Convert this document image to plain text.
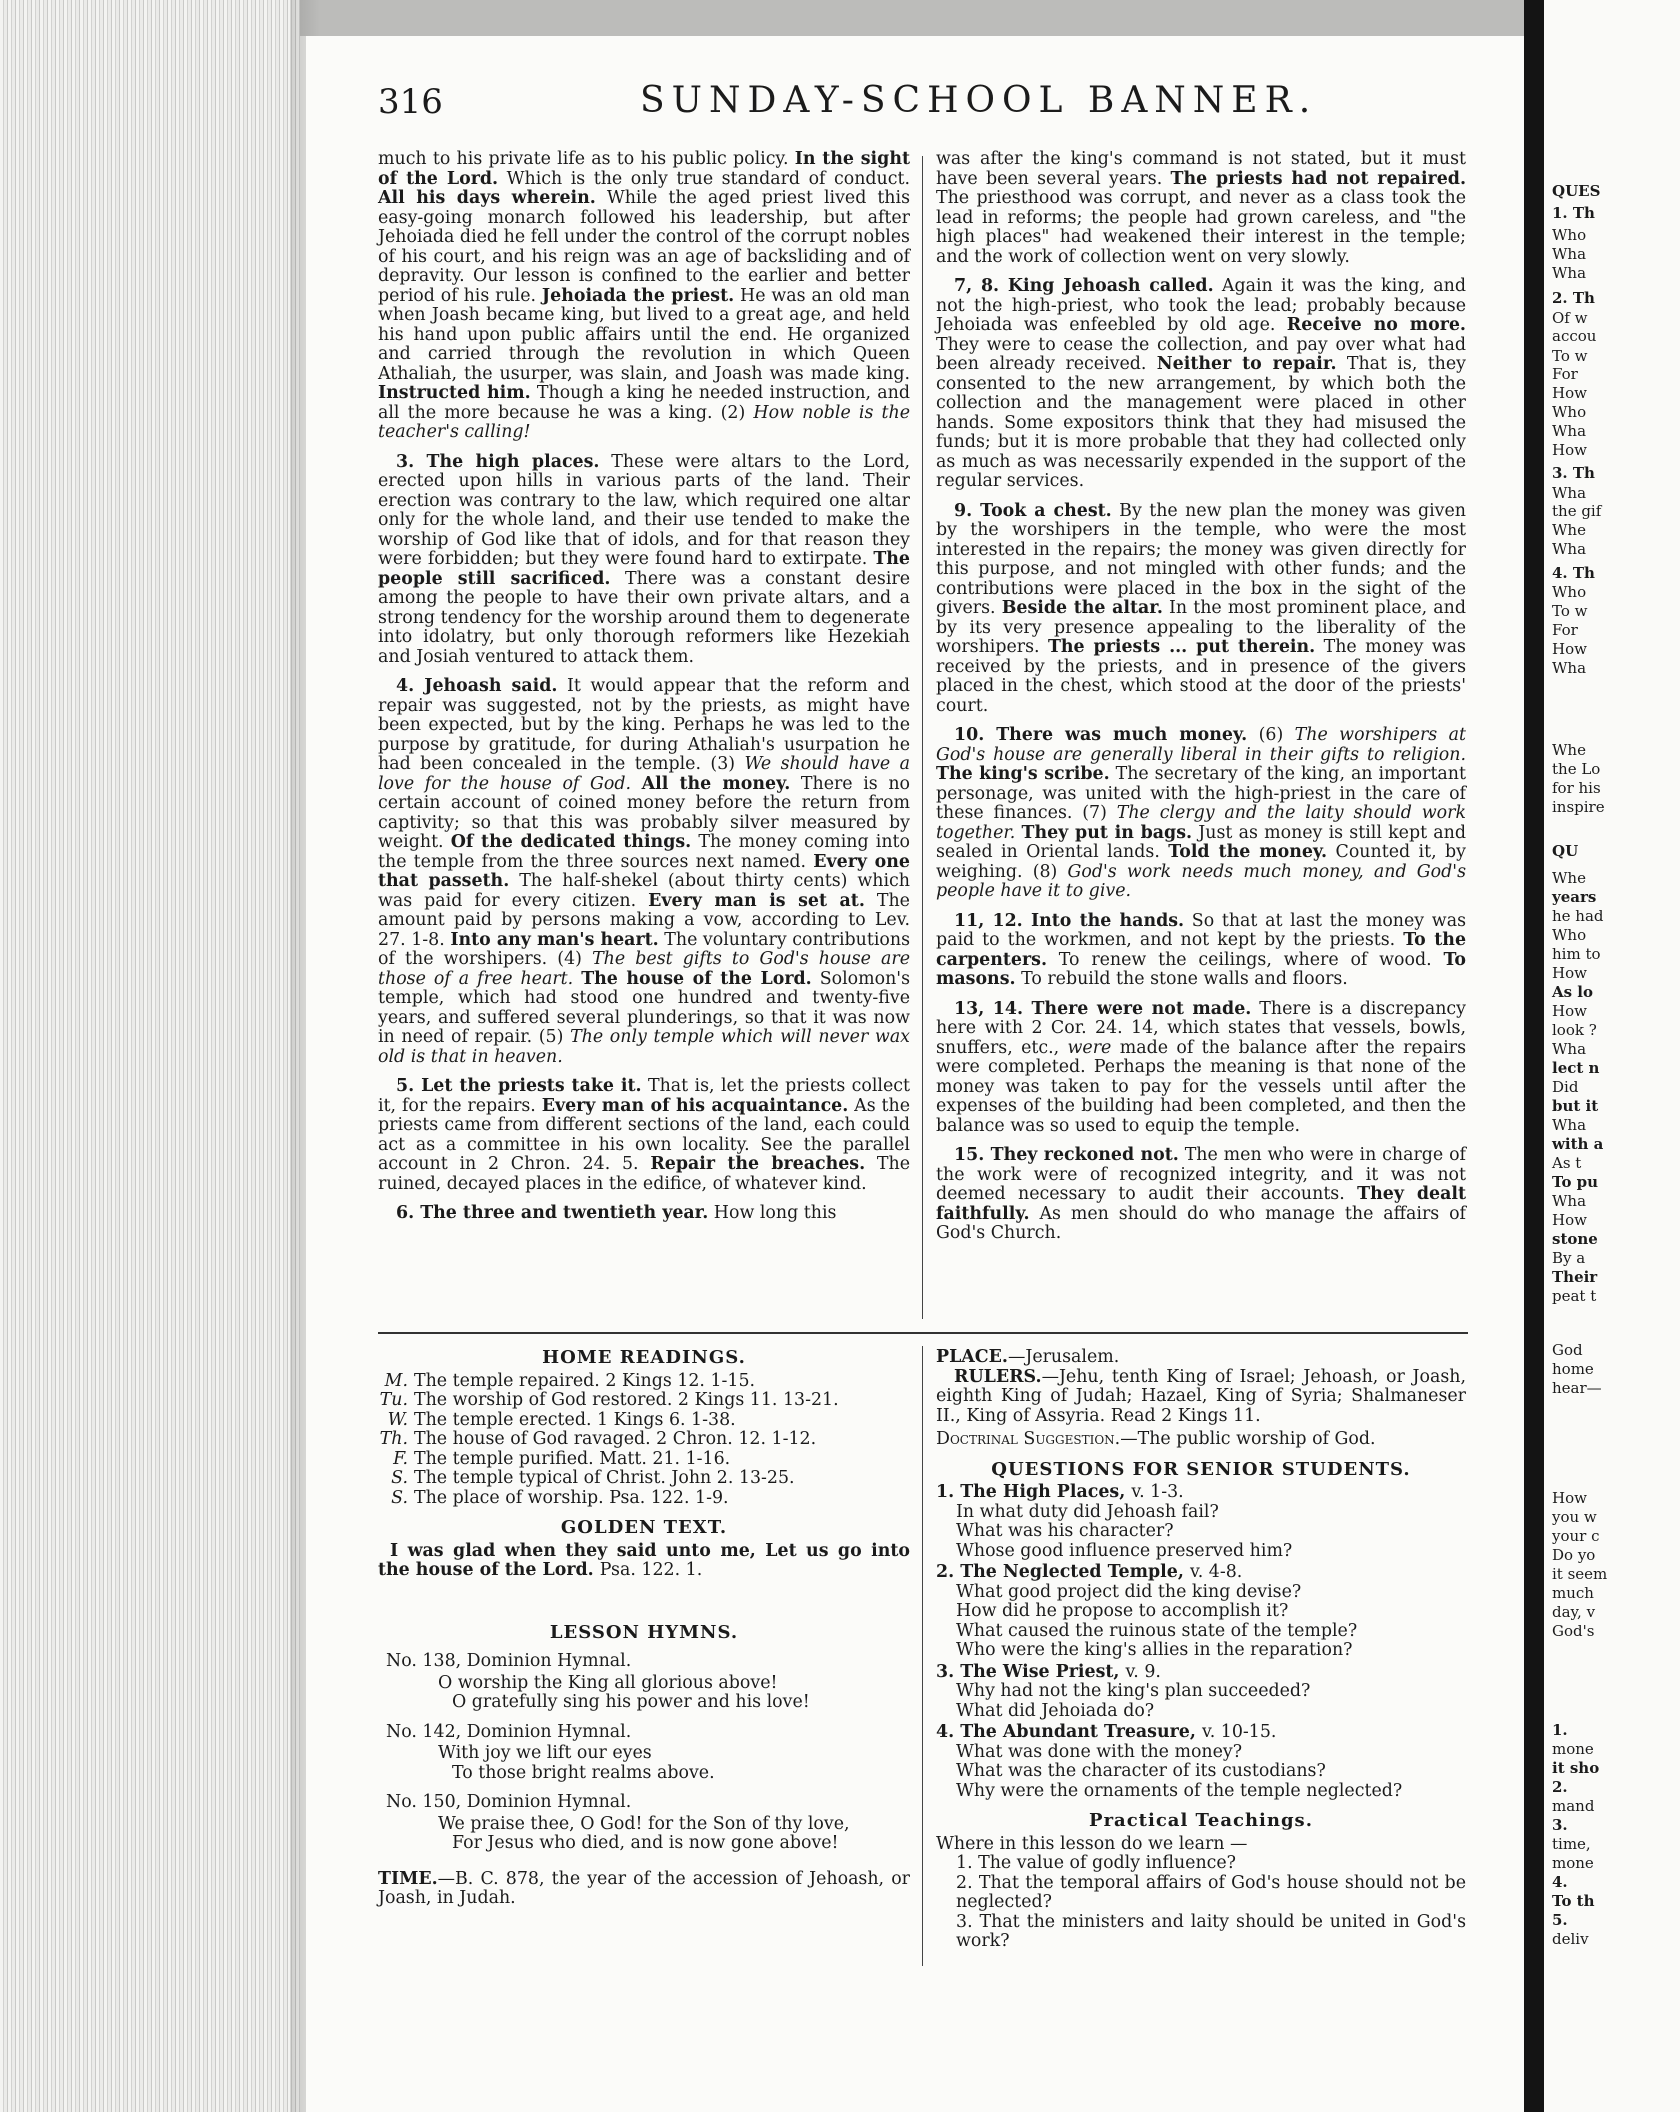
QUES
1. Th
Who
Wha
Wha
2. Th
Of w
accou
To w
For
How
Who
Wha
How
3. Th
Wha
the gif
Whe
Wha
4. Th
Who
To w
For
How
Wha
Whe
the Lo
for his
inspire
QU
Whe
years
he had
Who
him to
How
As lo
How
look ?
Wha
lect n
Did
but it
Wha
with a
As t
To pu
Wha
How
stone
By a
Their
peat t
God
home
hear—
How
you w
your c
Do yo
it seem
much
day, v
God's
1.
mone
it sho
2.
mand
3.
time,
mone
4.
To th
5.
deliv
316	SUNDAY-SCHOOL BANNER.

much to his private life as to his public policy. In the sight of the Lord. Which is the only true standard of conduct. All his days wherein. While the aged priest lived this easy-going monarch followed his leadership, but after Jehoiada died he fell under the control of the corrupt nobles of his court, and his reign was an age of backsliding and of depravity. Our lesson is confined to the earlier and better period of his rule. Jehoiada the priest. He was an old man when Joash became king, but lived to a great age, and held his hand upon public affairs until the end. He organized and carried through the revolution in which Queen Athaliah, the usurper, was slain, and Joash was made king. Instructed him. Though a king he needed instruction, and all the more because he was a king. (2) How noble is the teacher's calling!

3. The high places. These were altars to the Lord, erected upon hills in various parts of the land. Their erection was contrary to the law, which required one altar only for the whole land, and their use tended to make the worship of God like that of idols, and for that reason they were forbidden; but they were found hard to extirpate. The people still sacrificed. There was a constant desire among the people to have their own private altars, and a strong tendency for the worship around them to degenerate into idolatry, but only thorough reformers like Hezekiah and Josiah ventured to attack them.

4. Jehoash said. It would appear that the reform and repair was suggested, not by the priests, as might have been expected, but by the king. Perhaps he was led to the purpose by gratitude, for during Athaliah's usurpation he had been concealed in the temple. (3) We should have a love for the house of God. All the money. There is no certain account of coined money before the return from captivity; so that this was probably silver measured by weight. Of the dedicated things. The money coming into the temple from the three sources next named. Every one that passeth. The half-shekel (about thirty cents) which was paid for every citizen. Every man is set at. The amount paid by persons making a vow, according to Lev. 27. 1-8. Into any man's heart. The voluntary contributions of the worshipers. (4) The best gifts to God's house are those of a free heart. The house of the Lord. Solomon's temple, which had stood one hundred and twenty-five years, and suffered several plunderings, so that it was now in need of repair. (5) The only temple which will never wax old is that in heaven.

5. Let the priests take it. That is, let the priests collect it, for the repairs. Every man of his acquaintance. As the priests came from different sections of the land, each could act as a committee in his own locality. See the parallel account in 2 Chron. 24. 5. Repair the breaches. The ruined, decayed places in the edifice, of whatever kind.

6. The three and twentieth year. How long this

was after the king's command is not stated, but it must have been several years. The priests had not repaired. The priesthood was corrupt, and never as a class took the lead in reforms; the people had grown careless, and "the high places" had weakened their interest in the temple; and the work of collection went on very slowly.

7, 8. King Jehoash called. Again it was the king, and not the high-priest, who took the lead; probably because Jehoiada was enfeebled by old age. Receive no more. They were to cease the collection, and pay over what had been already received. Neither to repair. That is, they consented to the new arrangement, by which both the collection and the management were placed in other hands. Some expositors think that they had misused the funds; but it is more probable that they had collected only as much as was necessarily expended in the support of the regular services.

9. Took a chest. By the new plan the money was given by the worshipers in the temple, who were the most interested in the repairs; the money was given directly for this purpose, and not mingled with other funds; and the contributions were placed in the box in the sight of the givers. Beside the altar. In the most prominent place, and by its very presence appealing to the liberality of the worshipers. The priests ... put therein. The money was received by the priests, and in presence of the givers placed in the chest, which stood at the door of the priests' court.

10. There was much money. (6) The worshipers at God's house are generally liberal in their gifts to religion. The king's scribe. The secretary of the king, an important personage, was united with the high-priest in the care of these finances. (7) The clergy and the laity should work together. They put in bags. Just as money is still kept and sealed in Oriental lands. Told the money. Counted it, by weighing. (8) God's work needs much money, and God's people have it to give.

11, 12. Into the hands. So that at last the money was paid to the workmen, and not kept by the priests. To the carpenters. To renew the ceilings, where of wood. To masons. To rebuild the stone walls and floors.

13, 14. There were not made. There is a discrepancy here with 2 Cor. 24. 14, which states that vessels, bowls, snuffers, etc., were made of the balance after the repairs were completed. Perhaps the meaning is that none of the money was taken to pay for the vessels until after the expenses of the building had been completed, and then the balance was so used to equip the temple.

15. They reckoned not. The men who were in charge of the work were of recognized integrity, and it was not deemed necessary to audit their accounts. They dealt faithfully. As men should do who manage the affairs of God's Church.

HOME READINGS.
M. The temple repaired. 2 Kings 12. 1-15.
Tu. The worship of God restored. 2 Kings 11. 13-21.
W. The temple erected. 1 Kings 6. 1-38.
Th. The house of God ravaged. 2 Chron. 12. 1-12.
F. The temple purified. Matt. 21. 1-16.
S. The temple typical of Christ. John 2. 13-25.
S. The place of worship. Psa. 122. 1-9.
GOLDEN TEXT.
I was glad when they said unto me, Let us go into the house of the Lord. Psa. 122. 1.
LESSON HYMNS.
No. 138, Dominion Hymnal.
O worship the King all glorious above!
O gratefully sing his power and his love!
No. 142, Dominion Hymnal.
With joy we lift our eyes
To those bright realms above.
No. 150, Dominion Hymnal.
We praise thee, O God! for the Son of thy love,
For Jesus who died, and is now gone above!
TIME.—B. C. 878, the year of the accession of Jehoash, or Joash, in Judah.
PLACE.—Jerusalem.
RULERS.—Jehu, tenth King of Israel; Jehoash, or Joash, eighth King of Judah; Hazael, King of Syria; Shalmaneser II., King of Assyria. Read 2 Kings 11.
Doctrinal Suggestion.—The public worship of God.
QUESTIONS FOR SENIOR STUDENTS.
1. The High Places, v. 1-3.
In what duty did Jehoash fail?
What was his character?
Whose good influence preserved him?
2. The Neglected Temple, v. 4-8.
What good project did the king devise?
How did he propose to accomplish it?
What caused the ruinous state of the temple?
Who were the king's allies in the reparation?
3. The Wise Priest, v. 9.
Why had not the king's plan succeeded?
What did Jehoiada do?
4. The Abundant Treasure, v. 10-15.
What was done with the money?
What was the character of its custodians?
Why were the ornaments of the temple neglected?
Practical Teachings.
Where in this lesson do we learn —
1. The value of godly influence?
2. That the temporal affairs of God's house should not be neglected?
3. That the ministers and laity should be united in God's work?
